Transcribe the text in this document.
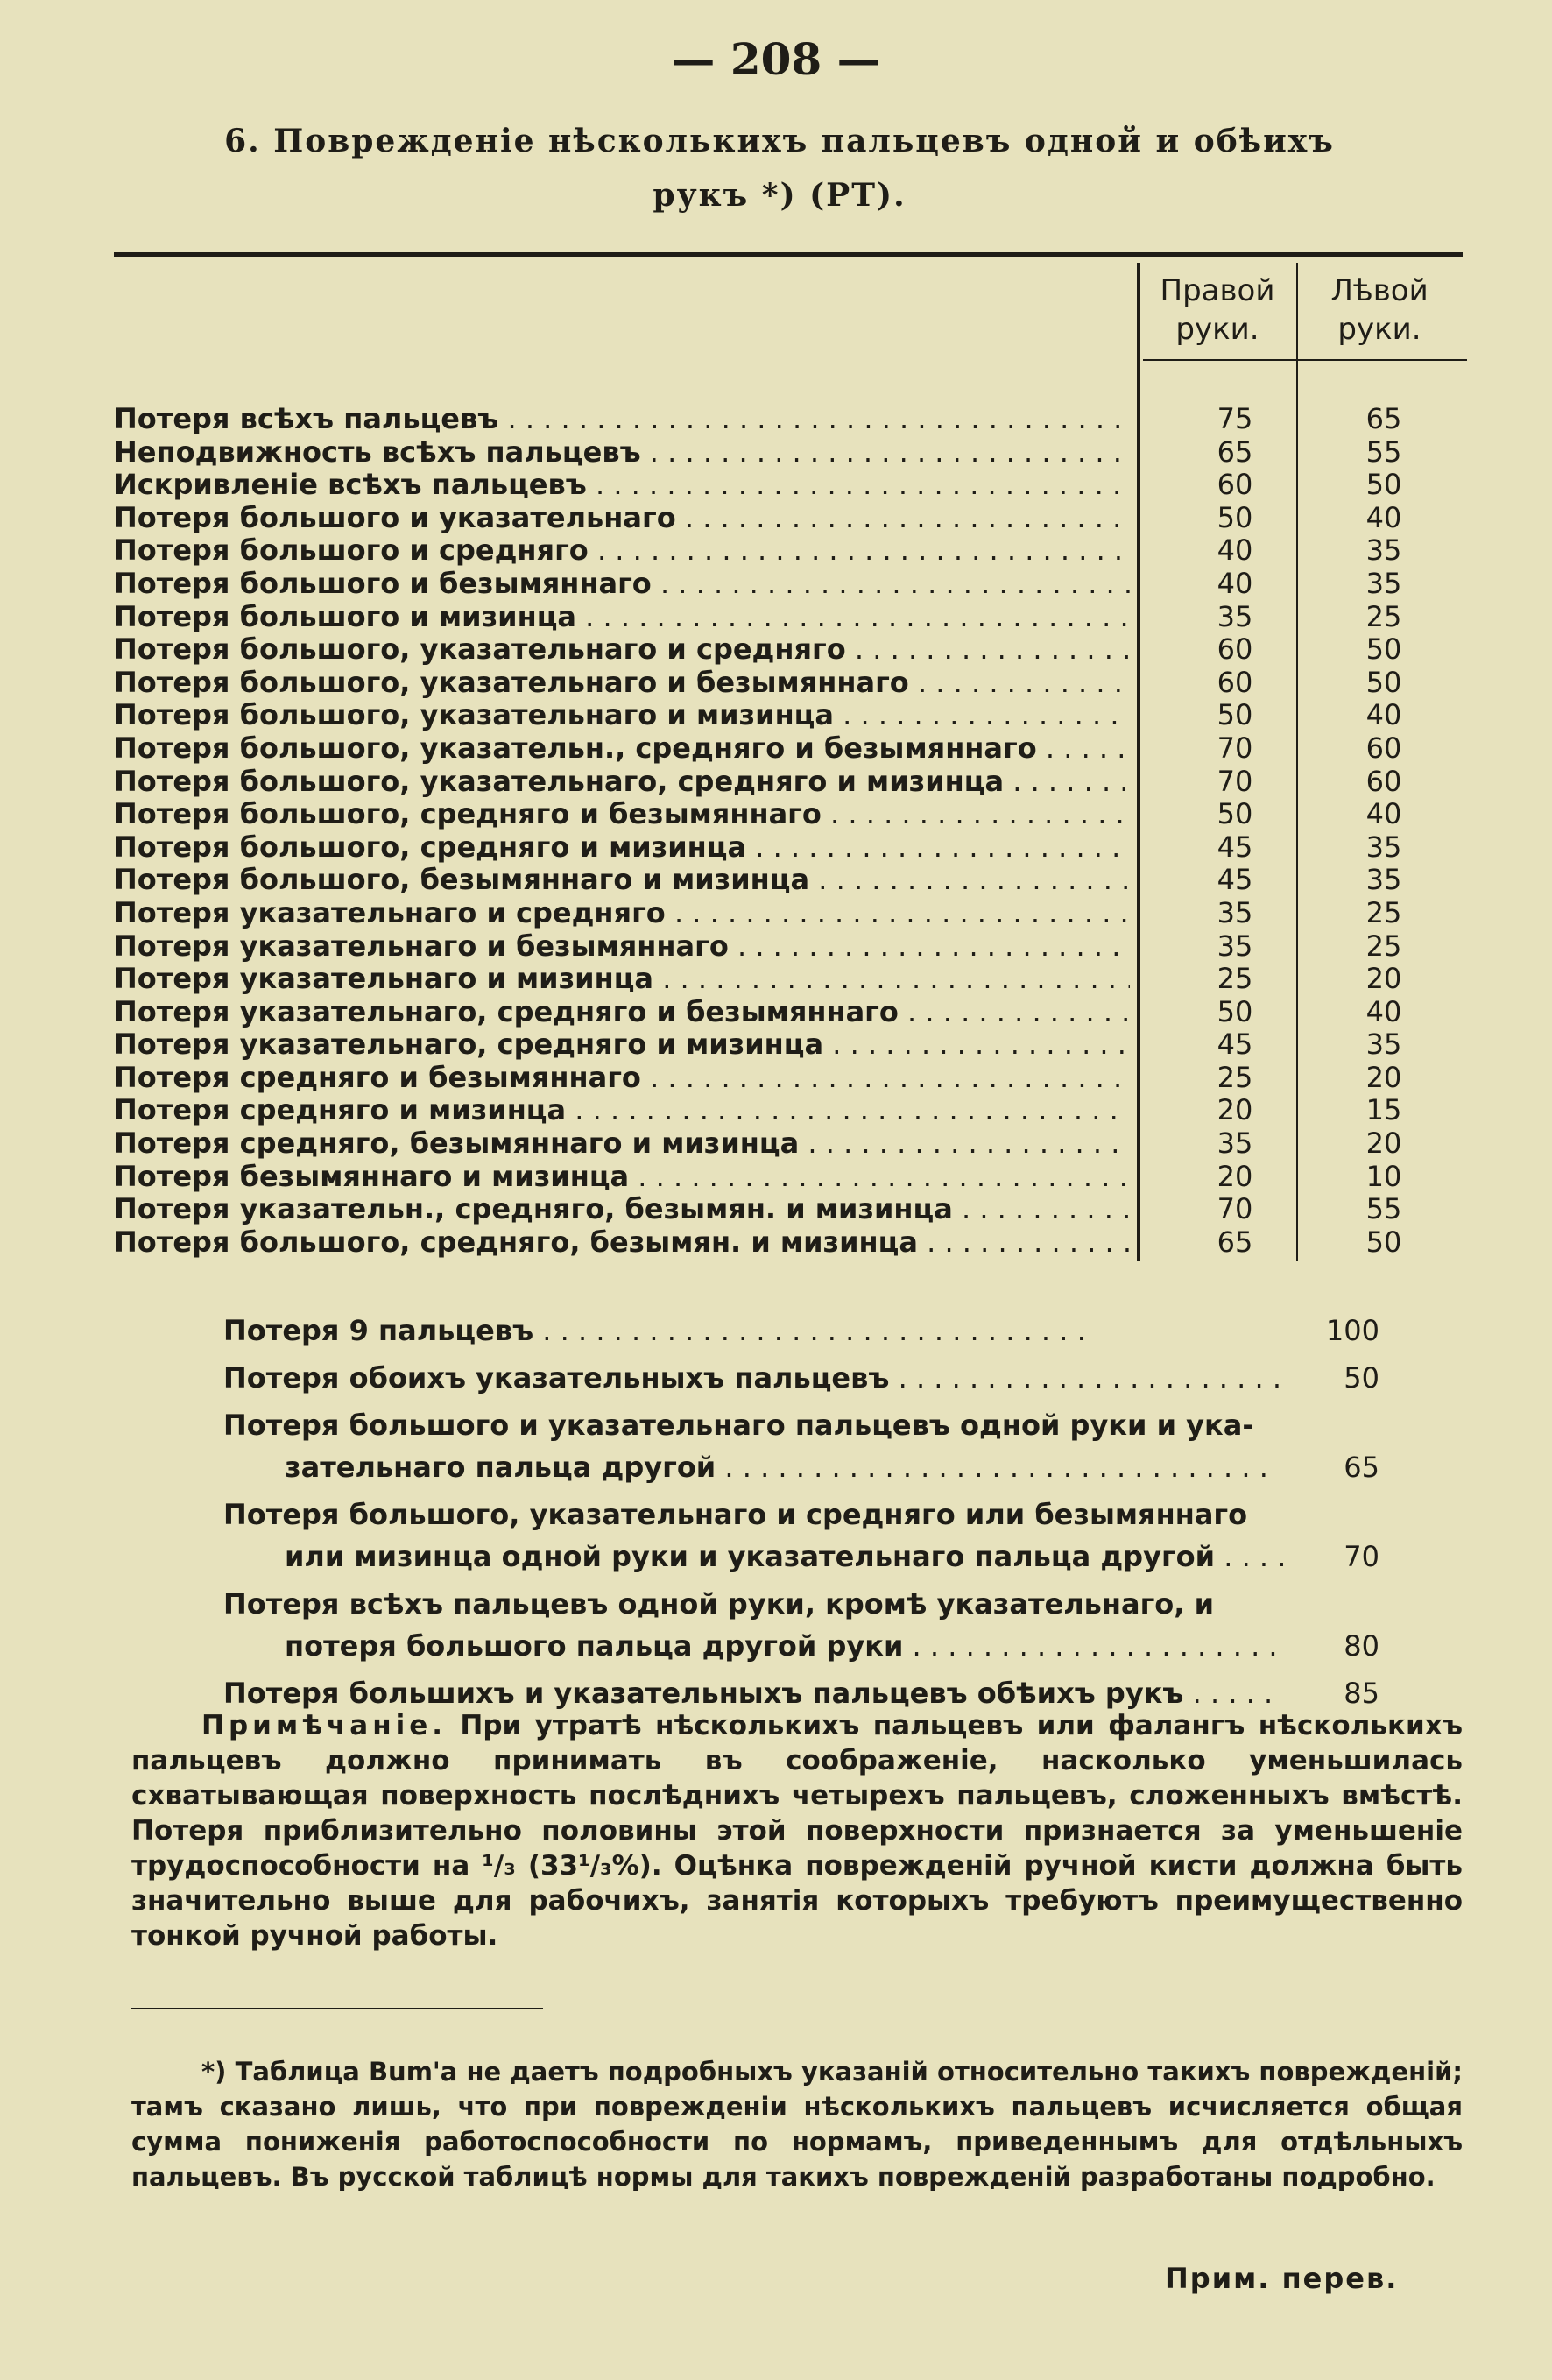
— 208 —
6. Поврежденіе нѣсколькихъ пальцевъ одной и обѣихъ
рукъ *) (РТ).
Правой руки.
Лѣвой руки.
Потеря всѣхъ пальцевъ . . .	75	65
Неподвижность всѣхъ пальцевъ . . .	65	55
Искривленіе всѣхъ пальцевъ . . .	60	50
Потеря большого и указательнаго . . .	50	40
Потеря большого и среднягo . . .	40	35
Потеря большого и безымяннаго . . .	40	35
Потеря большого и мизинца . . .	35	25
Потеря большого, указательнаго и средняго . . .	60	50
Потеря большого, указательнаго и безымяннаго . . .	60	50
Потеря большого, указательнаго и мизинца . . .	50	40
Потеря большого, указательн., средняго и безымяннаго . . .	70	60
Потеря большого, указательнаго, средняго и мизинца . . .	70	60
Потеря большого, средняго и безымяннаго . . .	50	40
Потеря большого, средняго и мизинца . . .	45	35
Потеря большого, безымяннаго и мизинца . . .	45	35
Потеря указательнаго и средняго . . .	35	25
Потеря указательнаго и безымяннаго . . .	35	25
Потеря указательнаго и мизинца . . .	25	20
Потеря указательнаго, средняго и безымяннаго . . .	50	40
Потеря указательнаго, средняго и мизинца . . .	45	35
Потеря средняго и безымяннаго . . .	25	20
Потеря средняго и мизинца . . .	20	15
Потеря средняго, безымяннаго и мизинца . . .	35	20
Потеря безымяннаго и мизинца . . .	20	10
Потеря указательн., средняго, безымян. и мизинца . . .	70	55
Потеря большого, средняго, безымян. и мизинца . . .	65	50
Потеря 9 пальцевъ . . .	100
Потеря обоихъ указательныхъ пальцевъ . . .	50
Потеря большого и указательнаго пальцевъ одной руки и ука-
зательнаго пальца другой . . .	65
Потеря большого, указательнаго и средняго или безымяннаго
или мизинца одной руки и указательнаго пальца другой . . .	70
Потеря всѣхъ пальцевъ одной руки, кромѣ указательнаго, и
потеря большого пальца другой руки . . .	80
Потеря большихъ и указательныхъ пальцевъ обѣихъ рукъ . . .	85

Примѣчаніе. При утратѣ нѣсколькихъ пальцевъ или фалангъ нѣсколькихъ пальцевъ должно принимать въ соображеніе, насколько уменьшилась схватывающая поверхность послѣднихъ четырехъ пальцевъ, сложенныхъ вмѣстѣ. Потеря приблизительно половины этой поверхности признается за уменьшеніе трудоспособности на ¹/₃ (33¹/₃%). Оцѣнка поврежденій ручной кисти должна быть значительно выше для рабочихъ, занятія которыхъ требуютъ преимущественно тонкой ручной работы.

*) Таблица Bum'a не даетъ подробныхъ указаній относительно такихъ поврежденій; тамъ сказано лишь, что при поврежденіи нѣсколькихъ пальцевъ исчисляется общая сумма пониженія работоспособности по нормамъ, приведеннымъ для отдѣльныхъ пальцевъ. Въ русской таблицѣ нормы для такихъ поврежденій разработаны подробно.

Прим. перев.
